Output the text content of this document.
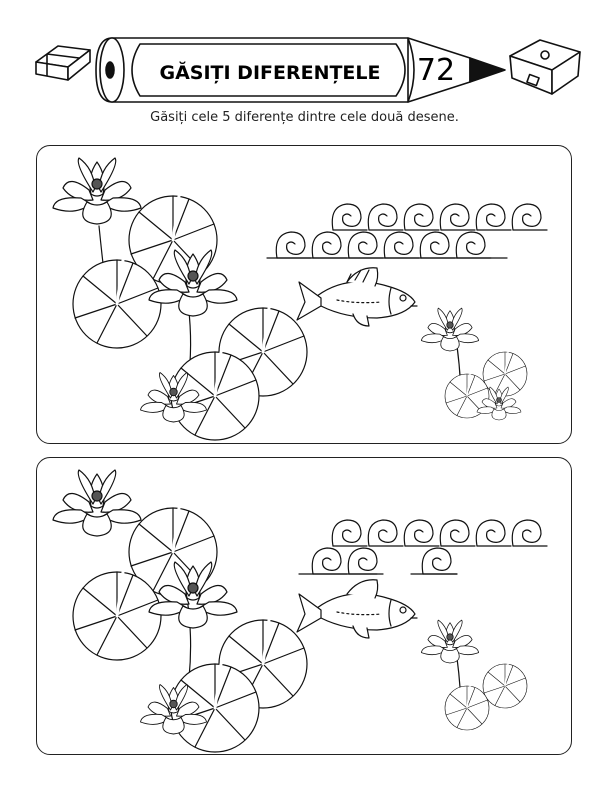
GĂSIȚI DIFERENȚELE 72
Găsiți cele 5 diferențe dintre cele două desene.
